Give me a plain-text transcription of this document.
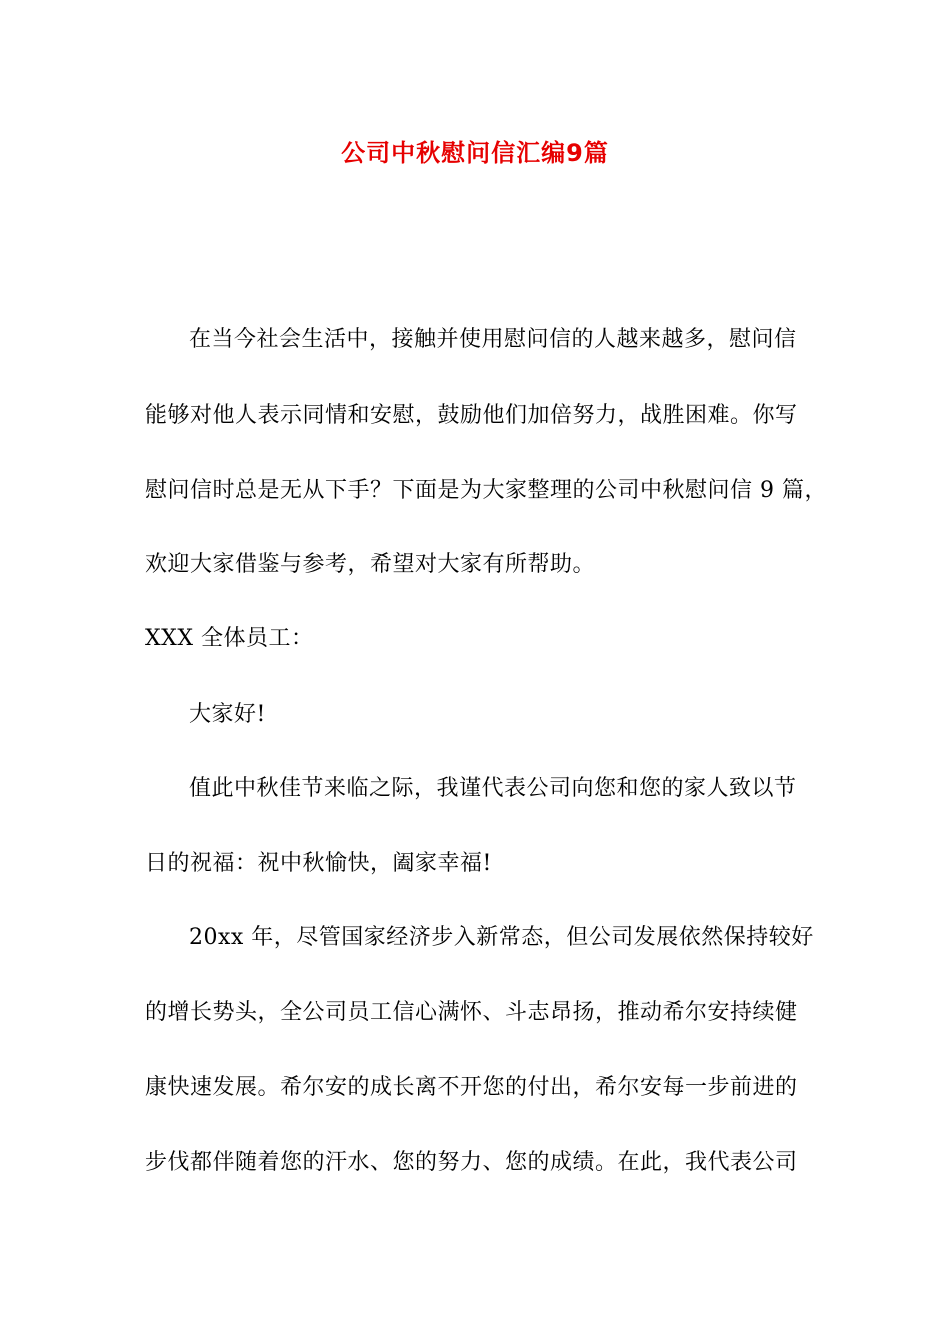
公司中秋慰问信汇编9篇

在当今社会生活中，接触并使用慰问信的人越来越多，慰问信

能够对他人表示同情和安慰，鼓励他们加倍努力，战胜困难。你写

慰问信时总是无从下手？下面是为大家整理的公司中秋慰问信 9 篇，

欢迎大家借鉴与参考，希望对大家有所帮助。

XXX 全体员工：

大家好!

值此中秋佳节来临之际，我谨代表公司向您和您的家人致以节

日的祝福：祝中秋愉快，阖家幸福!

20xx 年，尽管国家经济步入新常态，但公司发展依然保持较好

的增长势头，全公司员工信心满怀、斗志昂扬，推动希尔安持续健

康快速发展。希尔安的成长离不开您的付出，希尔安每一步前进的

步伐都伴随着您的汗水、您的努力、您的成绩。在此，我代表公司
